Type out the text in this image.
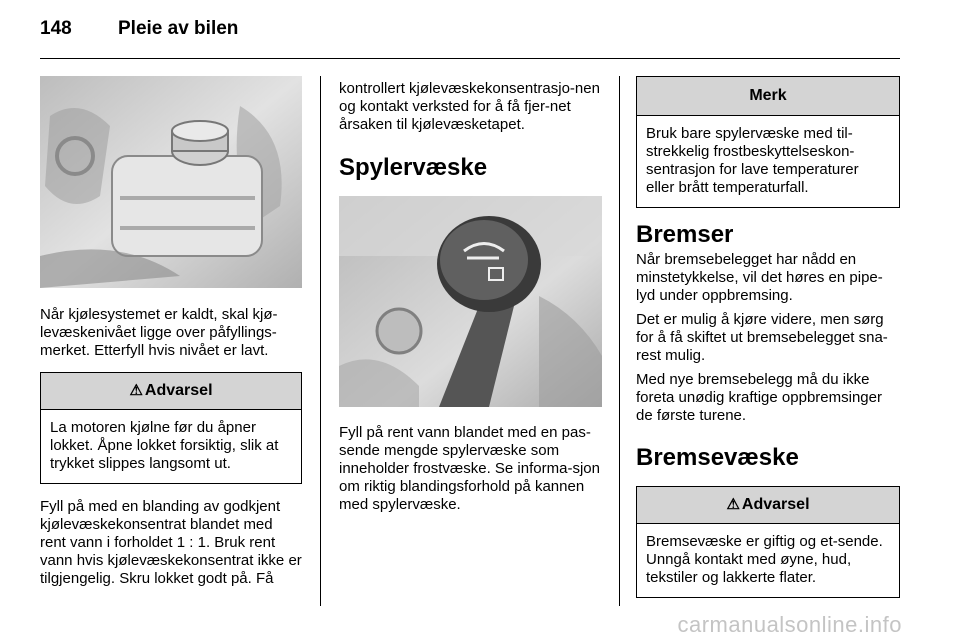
148 Pleie av bilen

Når kjølesystemet er kaldt, skal kjø-levæskenivået ligge over påfyllings-merket. Etterfyll hvis nivået er lavt.

⚠ Advarsel
La motoren kjølne før du åpner lokket. Åpne lokket forsiktig, slik at trykket slippes langsomt ut.

Fyll på med en blanding av godkjent kjølevæskekonsentrat blandet med rent vann i forholdet 1 : 1. Bruk rent vann hvis kjølevæskekonsentrat ikke er tilgjengelig. Skru lokket godt på. Få

kontrollert kjølevæskekonsentrasjo-nen og kontakt verksted for å få fjer-net årsaken til kjølevæsketapet.

Spylervæske

Fyll på rent vann blandet med en pas-sende mengde spylervæske som inneholder frostvæske. Se informa-sjon om riktig blandingsforhold på kannen med spylervæske.

Merk
Bruk bare spylervæske med til-strekkelig frostbeskyttelseskon-sentrasjon for lave temperaturer eller brått temperaturfall.
Bremser

Når bremsebelegget har nådd en minstetykkelse, vil det høres en pipe-lyd under oppbremsing.

Det er mulig å kjøre videre, men sørg for å få skiftet ut bremsebelegget sna-rest mulig.

Med nye bremsebelegg må du ikke foreta unødig kraftige oppbremsinger de første turene.

Bremsevæske
⚠ Advarsel
Bremsevæske er giftig og et-sende. Unngå kontakt med øyne, hud, tekstiler og lakkerte flater.
carmanualsonline.info
